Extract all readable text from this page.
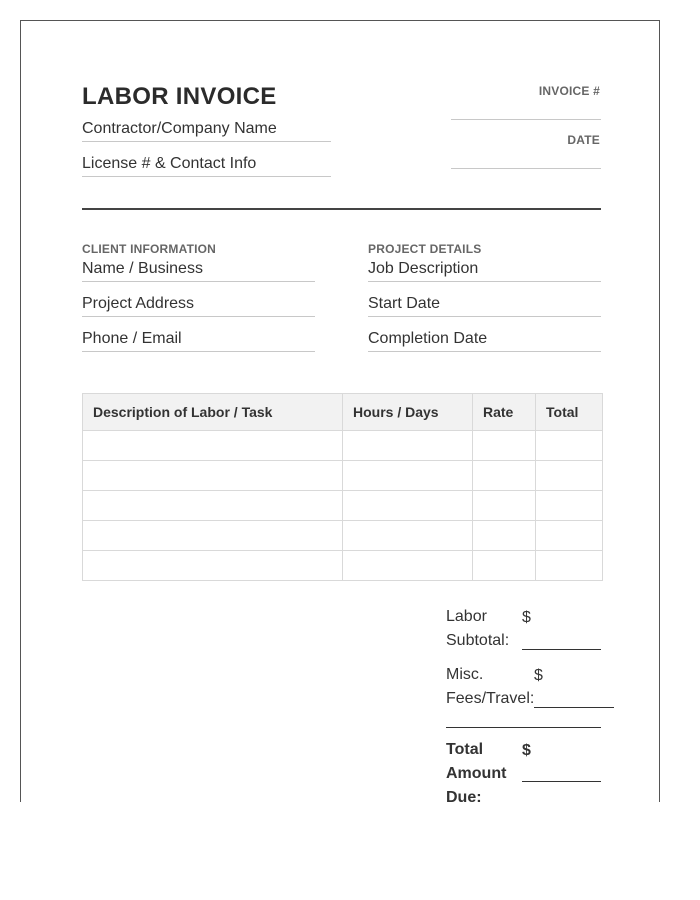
LABOR INVOICE
Contractor/Company Name
License # & Contact Info
INVOICE #
DATE
CLIENT INFORMATION
Name / Business
Project Address
Phone / Email
PROJECT DETAILS
Job Description
Start Date
Completion Date
Description of Labor / Task	Hours / Days	Rate	Total

Labor
Subtotal:
$
Misc.
Fees/Travel:
$
Total
Amount
Due:
$
